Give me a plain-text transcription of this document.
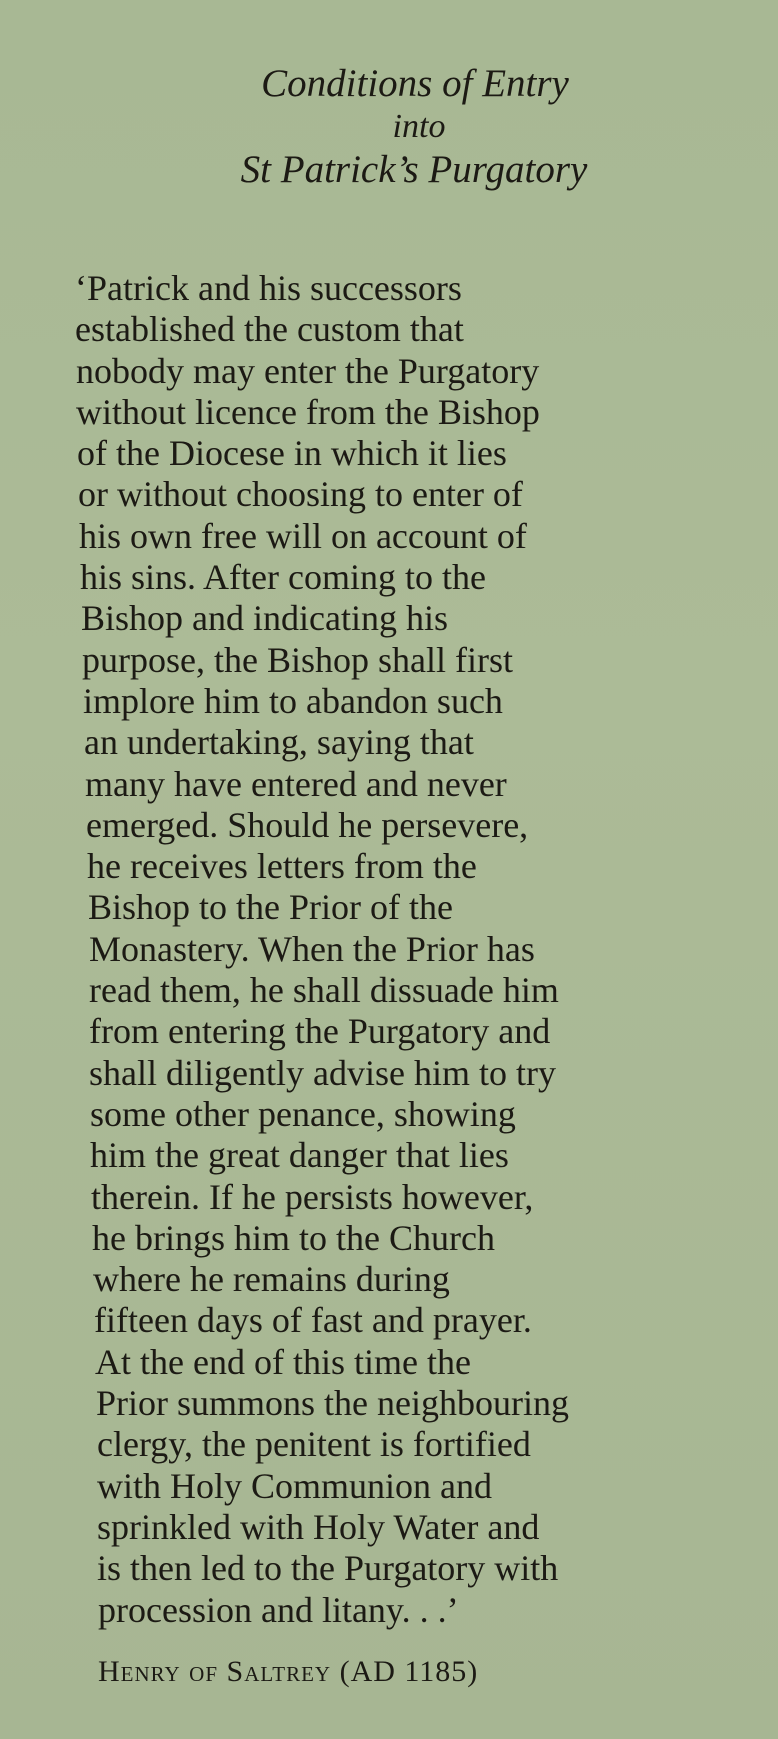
Conditions of Entry
into
St Patrick’s Purgatory
‘Patrick and his successors
established the custom that
nobody may enter the Purgatory
without licence from the Bishop
of the Diocese in which it lies
or without choosing to enter of
his own free will on account of
his sins. After coming to the
Bishop and indicating his
purpose, the Bishop shall first
implore him to abandon such
an undertaking, saying that
many have entered and never
emerged. Should he persevere,
he receives letters from the
Bishop to the Prior of the
Monastery. When the Prior has
read them, he shall dissuade him
from entering the Purgatory and
shall diligently advise him to try
some other penance, showing
him the great danger that lies
therein. If he persists however,
he brings him to the Church
where he remains during
fifteen days of fast and prayer.
At the end of this time the
Prior summons the neighbouring
clergy, the penitent is fortified
with Holy Communion and
sprinkled with Holy Water and
is then led to the Purgatory with
procession and litany. . .’
Henry of Saltrey (AD 1185)
